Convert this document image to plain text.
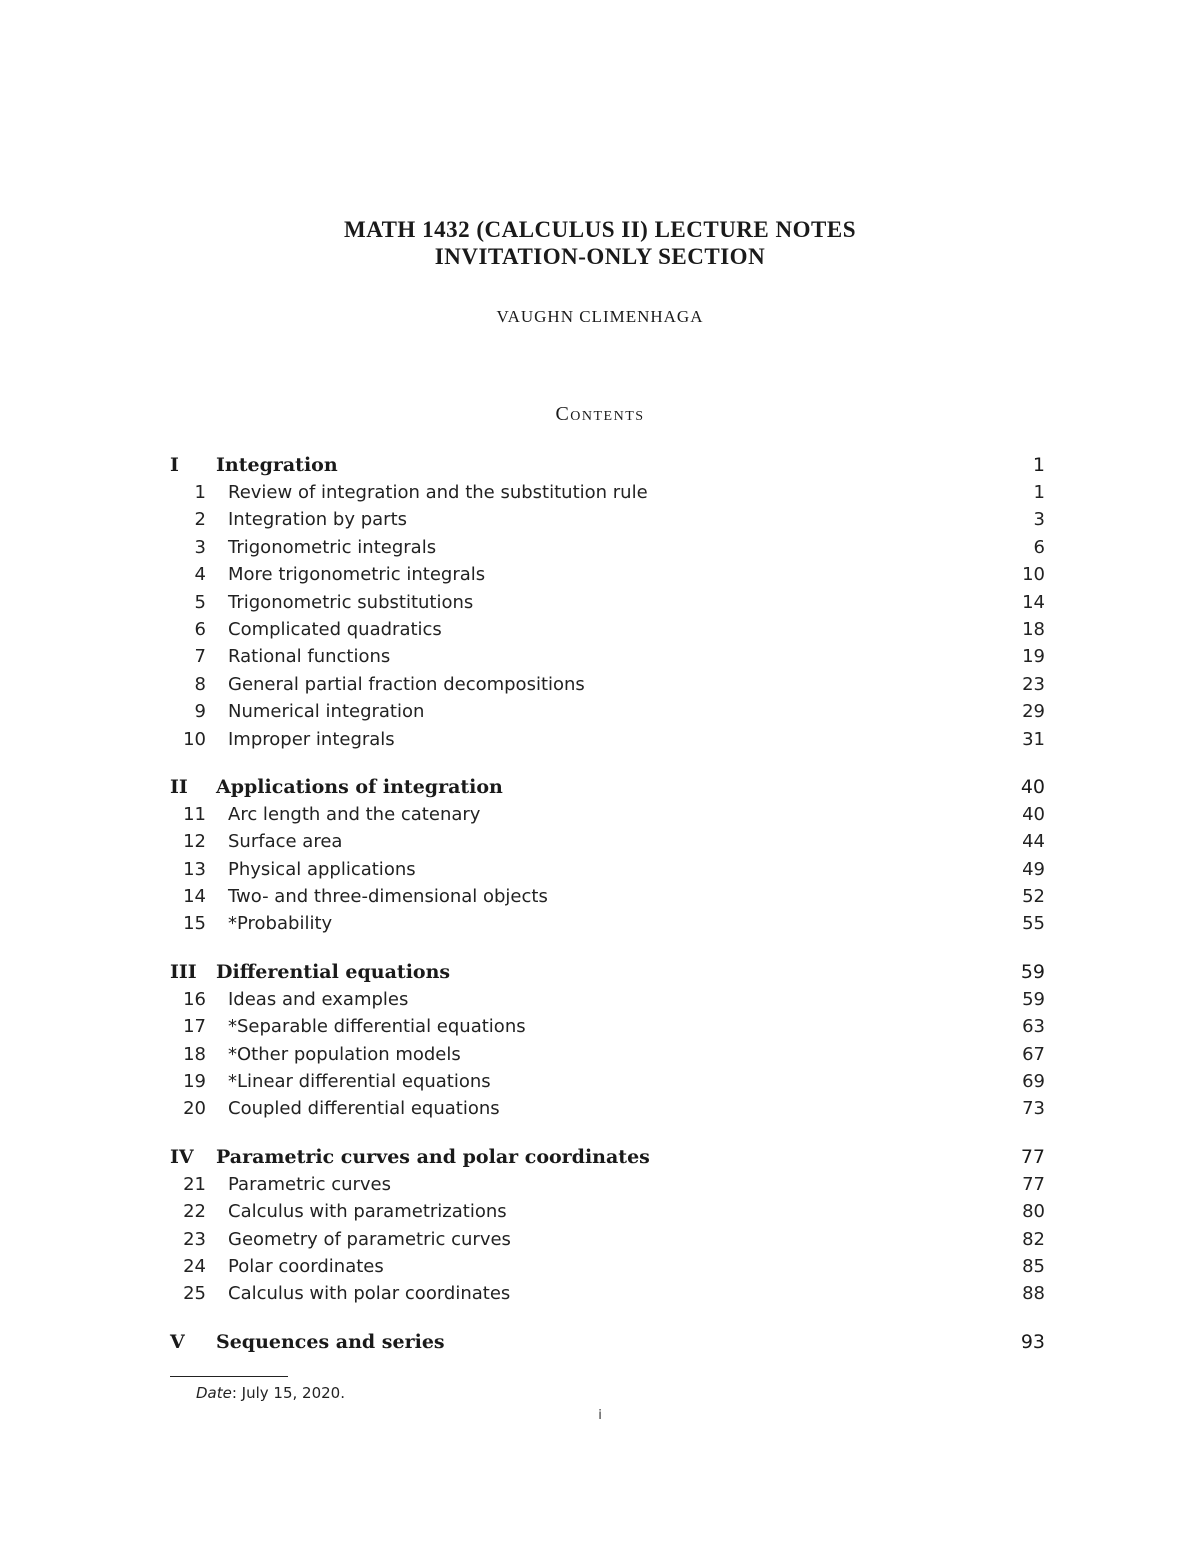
MATH 1432 (CALCULUS II) LECTURE NOTES
INVITATION-ONLY SECTION
VAUGHN CLIMENHAGA
Contents
I Integration	1
1 Review of integration and the substitution rule	1
2 Integration by parts	3
3 Trigonometric integrals	6
4 More trigonometric integrals	10
5 Trigonometric substitutions	14
6 Complicated quadratics	18
7 Rational functions	19
8 General partial fraction decompositions	23
9 Numerical integration	29
10 Improper integrals	31
II Applications of integration	40
11 Arc length and the catenary	40
12 Surface area	44
13 Physical applications	49
14 Two- and three-dimensional objects	52
15 *Probability	55
III Differential equations	59
16 Ideas and examples	59
17 *Separable differential equations	63
18 *Other population models	67
19 *Linear differential equations	69
20 Coupled differential equations	73
IV Parametric curves and polar coordinates	77
21 Parametric curves	77
22 Calculus with parametrizations	80
23 Geometry of parametric curves	82
24 Polar coordinates	85
25 Calculus with polar coordinates	88
V Sequences and series	93
Date: July 15, 2020.
i
